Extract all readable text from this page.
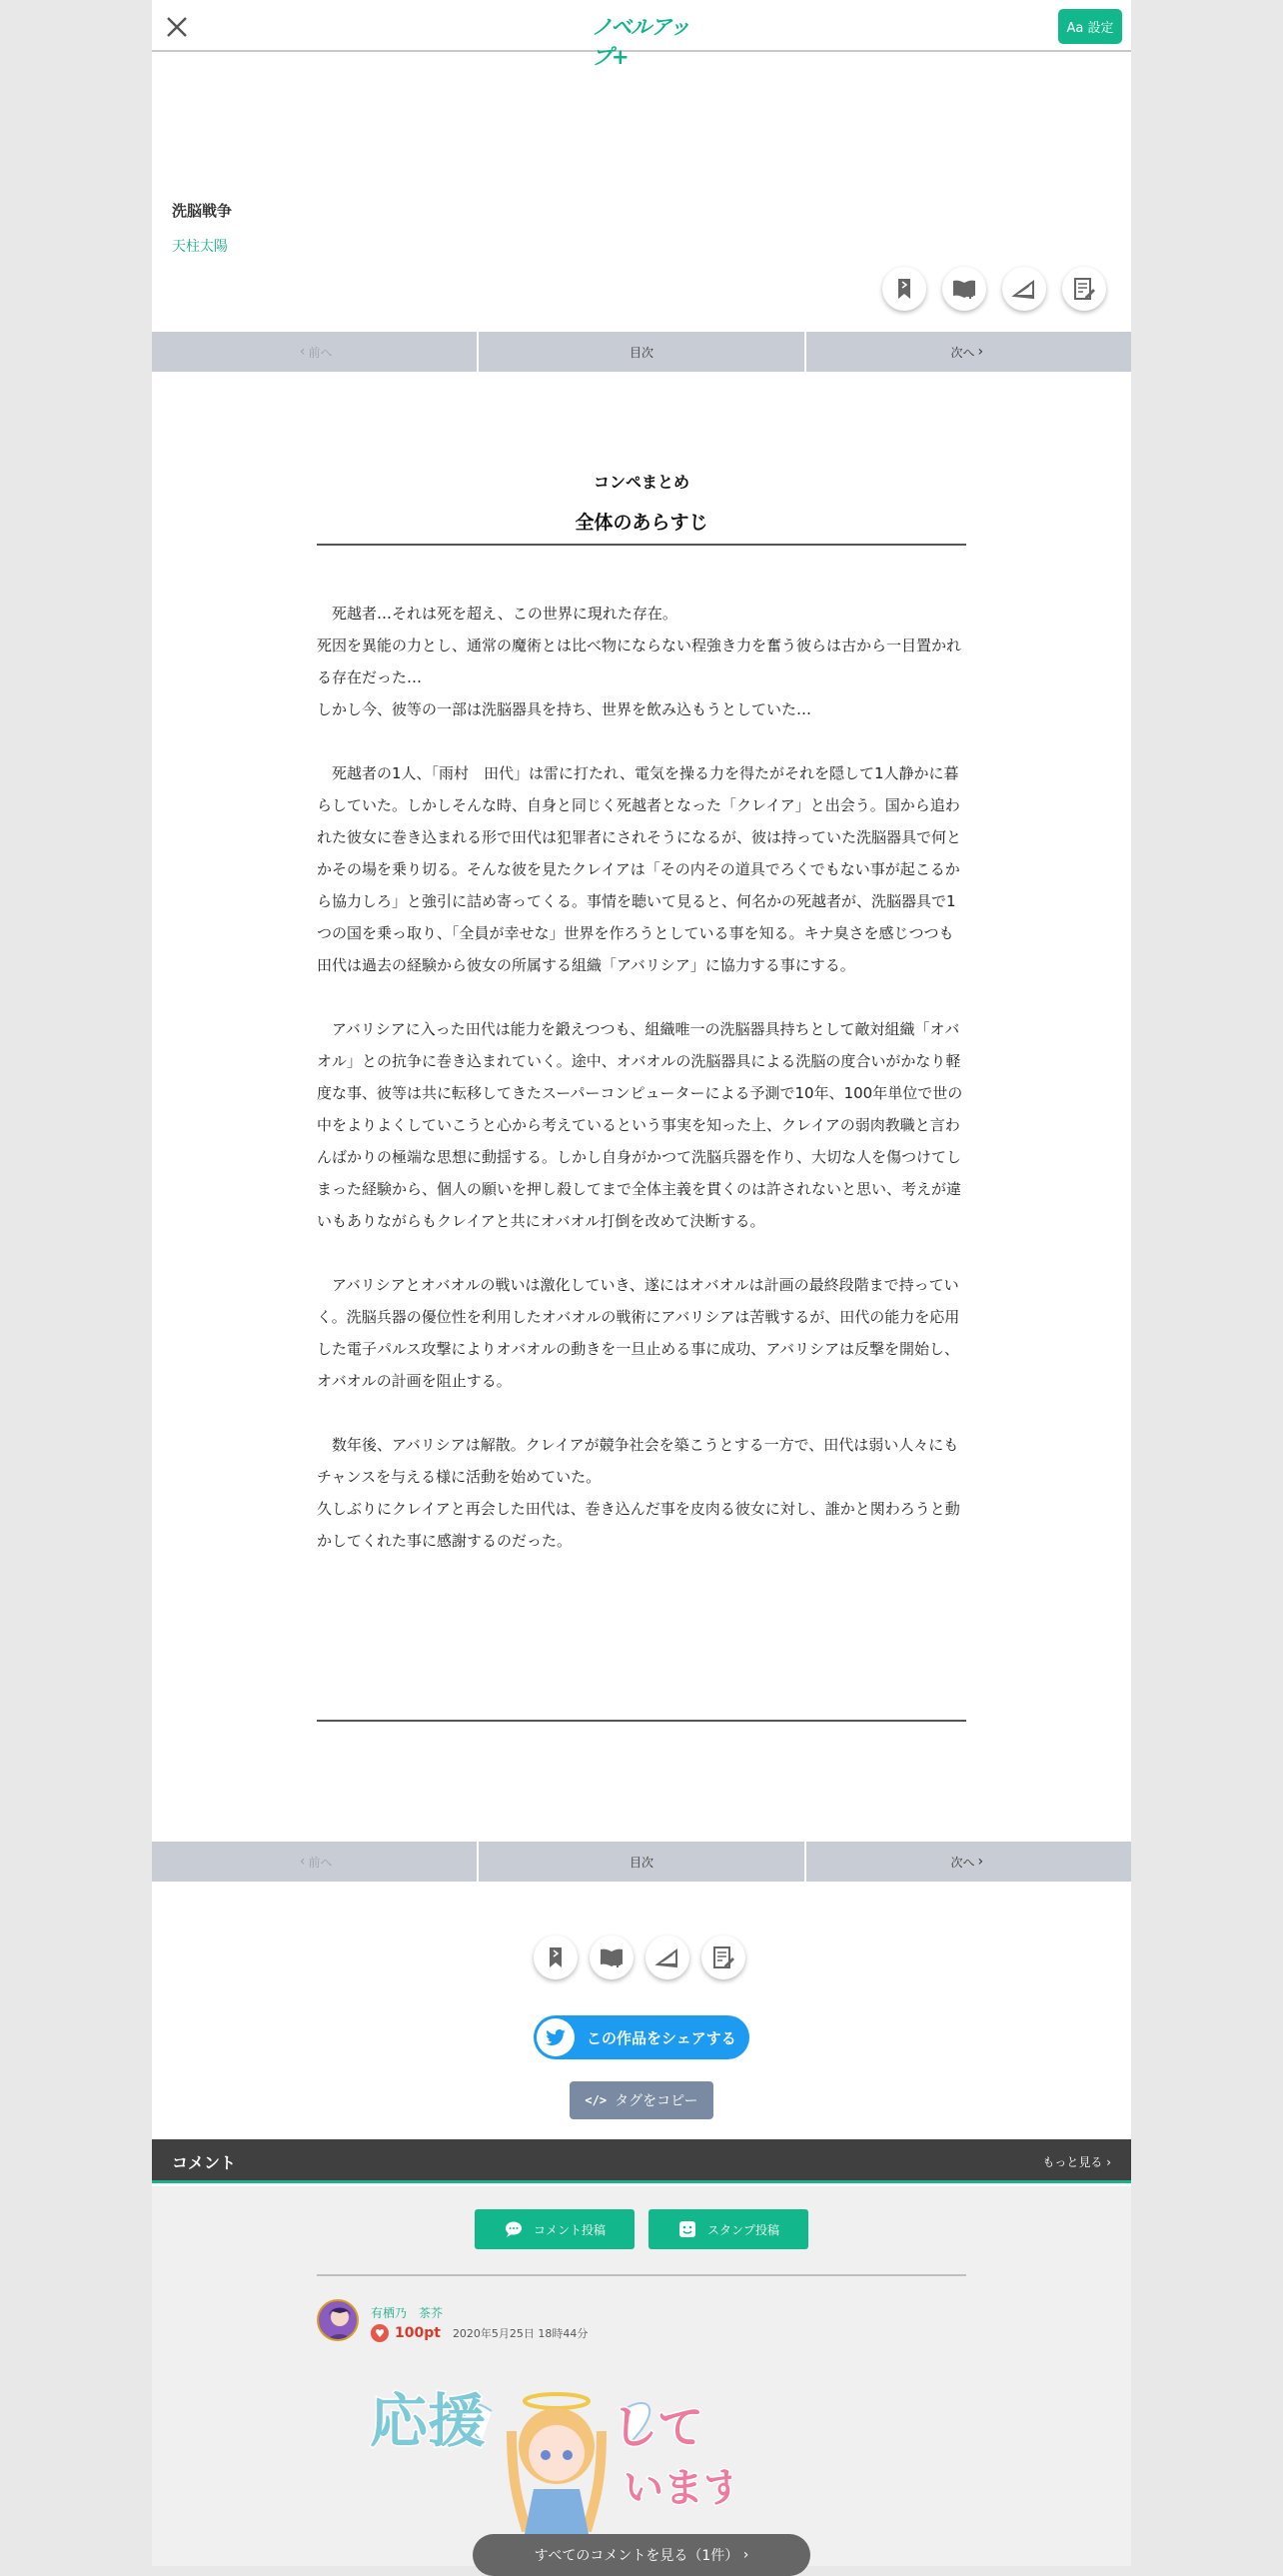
ノベルアップ+
Aa 設定
洗脳戦争
天柱太陽
‹ 前へ	目次	次へ ›
コンペまとめ
全体のあらすじ

　死越者…それは死を超え、この世界に現れた存在。
死因を異能の力とし、通常の魔術とは比べ物にならない程強き力を奮う彼らは古から一目置かれる存在だった…
しかし今、彼等の一部は洗脳器具を持ち、世界を飲み込もうとしていた…

　死越者の1人、「雨村　田代」は雷に打たれ、電気を操る力を得たがそれを隠して1人静かに暮らしていた。しかしそんな時、自身と同じく死越者となった「クレイア」と出会う。国から追われた彼女に巻き込まれる形で田代は犯罪者にされそうになるが、彼は持っていた洗脳器具で何とかその場を乗り切る。そんな彼を見たクレイアは「その内その道具でろくでもない事が起こるから協力しろ」と強引に詰め寄ってくる。事情を聴いて見ると、何名かの死越者が、洗脳器具で1つの国を乗っ取り、「全員が幸せな」世界を作ろうとしている事を知る。キナ臭さを感じつつも田代は過去の経験から彼女の所属する組織「アバリシア」に協力する事にする。

　アバリシアに入った田代は能力を鍛えつつも、組織唯一の洗脳器具持ちとして敵対組織「オバオル」との抗争に巻き込まれていく。途中、オバオルの洗脳器具による洗脳の度合いがかなり軽度な事、彼等は共に転移してきたスーパーコンピューターによる予測で10年、100年単位で世の中をよりよくしていこうと心から考えているという事実を知った上、クレイアの弱肉教職と言わんばかりの極端な思想に動揺する。しかし自身がかつて洗脳兵器を作り、大切な人を傷つけてしまった経験から、個人の願いを押し殺してまで全体主義を貫くのは許されないと思い、考えが違いもありながらもクレイアと共にオバオル打倒を改めて決断する。

　アバリシアとオバオルの戦いは激化していき、遂にはオバオルは計画の最終段階まで持っていく。洗脳兵器の優位性を利用したオバオルの戦術にアバリシアは苦戦するが、田代の能力を応用した電子パルス攻撃によりオバオルの動きを一旦止める事に成功、アバリシアは反撃を開始し、オバオルの計画を阻止する。

　数年後、アバリシアは解散。クレイアが競争社会を築こうとする一方で、田代は弱い人々にもチャンスを与える様に活動を始めていた。
久しぶりにクレイアと再会した田代は、巻き込んだ事を皮肉る彼女に対し、誰かと関わろうと動かしてくれた事に感謝するのだった。

‹ 前へ	目次	次へ ›
この作品をシェアする
</> タグをコピー
コメント	もっと見る ›
コメント投稿	スタンプ投稿
有栖乃　茶芥
♥ 100pt 2020年5月25日 18時44分
応援	して
います
すべてのコメントを見る（1件） ›
